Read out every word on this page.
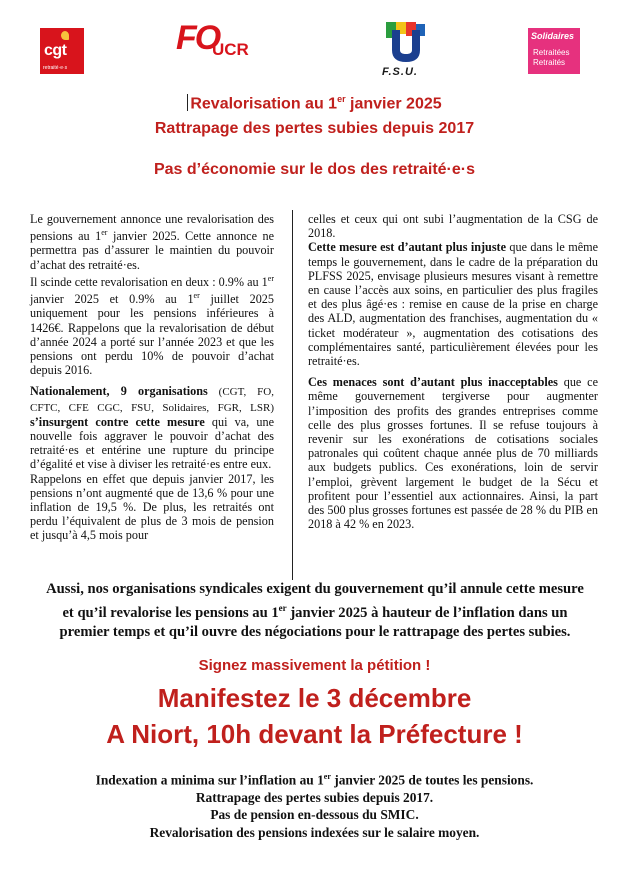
cgt
retraité·e·s
FO
UCR
F.S.U.
Solidaires
Retraitées
Retraités
Revalorisation au 1er janvier 2025
Rattrapage des pertes subies depuis 2017
Pas d’économie sur le dos des retraité·e·s

Le gouvernement annonce une revalorisation des pensions au 1er janvier 2025. Cette annonce ne permettra pas d’assurer le maintien du pouvoir d’achat des retraité·es.
Il scinde cette revalorisation en deux : 0.9% au 1er janvier 2025 et 0.9% au 1er juillet 2025 uniquement pour les pensions inférieures à 1426€. Rappelons que la revalorisation de début d’année 2024 a porté sur l’année 2023 et que les pensions ont perdu 10% de pouvoir d’achat depuis 2016.

Nationalement, 9 organisations (CGT, FO, CFTC, CFE CGC, FSU, Solidaires, FGR, LSR) s’insurgent contre cette mesure qui va, une nouvelle fois aggraver le pouvoir d’achat des retraité·es et entérine une rupture du principe d’égalité et vise à diviser les retraité·es entre eux.
Rappelons en effet que depuis janvier 2017, les pensions n’ont augmenté que de 13,6 % pour une inflation de 19,5 %. De plus, les retraités ont perdu l’équivalent de plus de 3 mois de pension et jusqu’à 4,5 mois pour

celles et ceux qui ont subi l’augmentation de la CSG de 2018.
Cette mesure est d’autant plus injuste que dans le même temps le gouvernement, dans le cadre de la préparation du PLFSS 2025, envisage plusieurs mesures visant à remettre en cause l’accès aux soins, en particulier des plus fragiles et des plus âgé·es : remise en cause de la prise en charge des ALD, augmentation des franchises, augmentation du « ticket modérateur », augmentation des cotisations des complémentaires santé, particulièrement élevées pour les retraité·es.

Ces menaces sont d’autant plus inacceptables que ce même gouvernement tergiverse pour augmenter l’imposition des profits des grandes entreprises comme celle des plus grosses fortunes. Il se refuse toujours à revenir sur les exonérations de cotisations sociales patronales qui coûtent chaque année plus de 70 milliards aux budgets publics. Ces exonérations, loin de servir l’emploi, grèvent largement le budget de la Sécu et profitent pour l’essentiel aux actionnaires. Ainsi, la part des 500 plus grosses fortunes est passée de 28 % du PIB en 2018 à 42 % en 2023.

Aussi, nos organisations syndicales exigent du gouvernement qu’il annule cette mesure et qu’il revalorise les pensions au 1er janvier 2025 à hauteur de l’inflation dans un premier temps et qu’il ouvre des négociations pour le rattrapage des pertes subies.
Signez massivement la pétition !
Manifestez le 3 décembre
A Niort, 10h devant la Préfecture !
Indexation a minima sur l’inflation au 1er janvier 2025 de toutes les pensions.
Rattrapage des pertes subies depuis 2017.
Pas de pension en-dessous du SMIC.
Revalorisation des pensions indexées sur le salaire moyen.
